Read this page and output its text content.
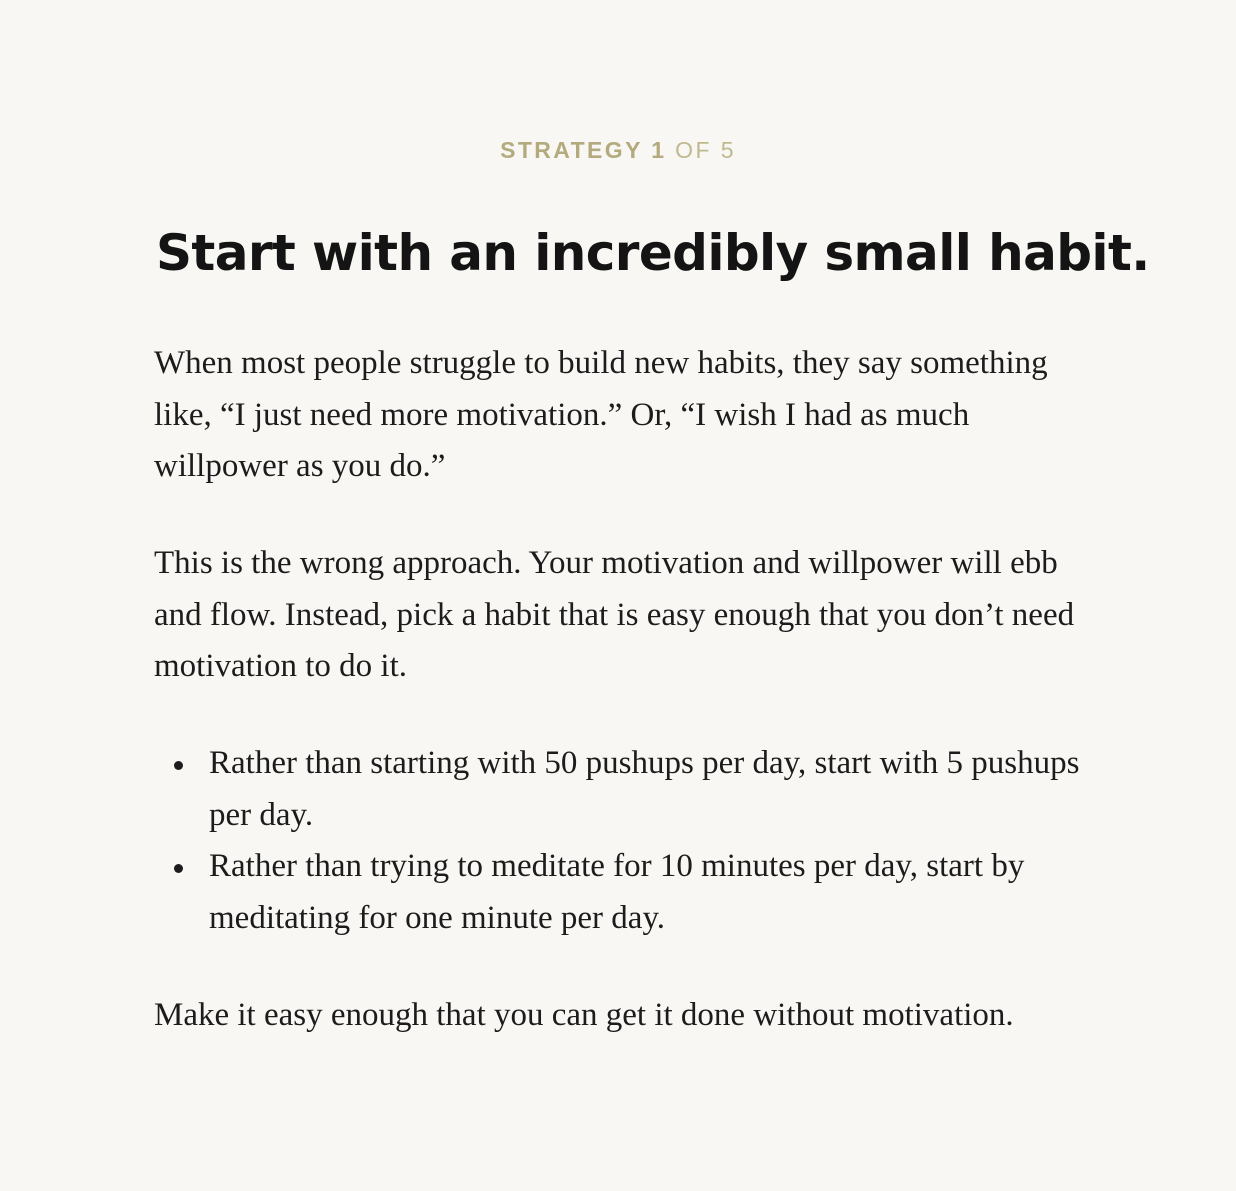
STRATEGY 1 OF 5
Start with an incredibly small habit.

When most people struggle to build new habits, they say something like, “I just need more motivation.” Or, “I wish I had as much willpower as you do.”

This is the wrong approach. Your motivation and willpower will ebb and flow. Instead, pick a habit that is easy enough that you don’t need motivation to do it.

Rather than starting with 50 pushups per day, start with 5 pushups per day.
Rather than trying to meditate for 10 minutes per day, start by meditating for one minute per day.

Make it easy enough that you can get it done without motivation.
